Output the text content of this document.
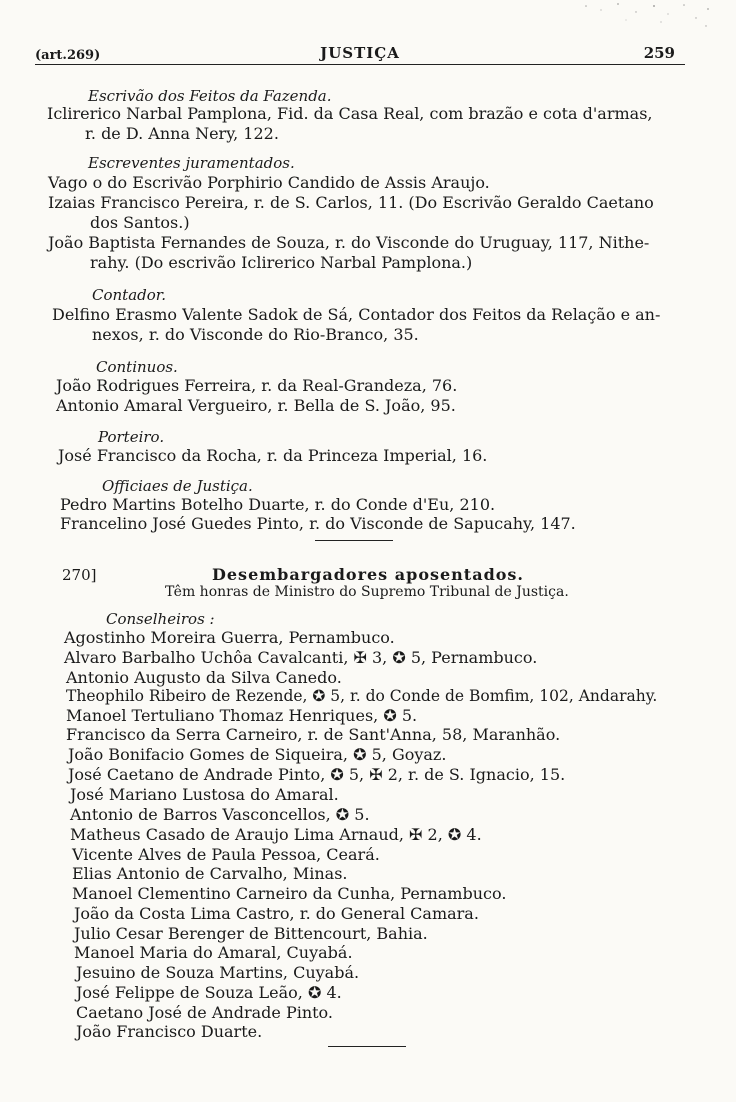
(art.269)	JUSTIÇA	259
Escrivão dos Feitos da Fazenda.
Iclirerico Narbal Pamplona, Fid. da Casa Real, com brazão e cota d'armas,
r. de D. Anna Nery, 122.
Escreventes juramentados.
Vago o do Escrivão Porphirio Candido de Assis Araujo.
Izaias Francisco Pereira, r. de S. Carlos, 11. (Do Escrivão Geraldo Caetano
dos Santos.)
João Baptista Fernandes de Souza, r. do Visconde do Uruguay, 117, Nithe-
rahy. (Do escrivão Iclirerico Narbal Pamplona.)
Contador.
Delfino Erasmo Valente Sadok de Sá, Contador dos Feitos da Relação e an-
nexos, r. do Visconde do Rio-Branco, 35.
Continuos.
João Rodrigues Ferreira, r. da Real-Grandeza, 76.
Antonio Amaral Vergueiro, r. Bella de S. João, 95.
Porteiro.
José Francisco da Rocha, r. da Princeza Imperial, 16.
Officiaes de Justiça.
Pedro Martins Botelho Duarte, r. do Conde d'Eu, 210.
Francelino José Guedes Pinto, r. do Visconde de Sapucahy, 147.
270]	Desembargadores aposentados.
Têm honras de Ministro do Supremo Tribunal de Justiça.
Conselheiros :
Agostinho Moreira Guerra, Pernambuco.
Alvaro Barbalho Uchôa Cavalcanti, ✠ 3, ✪ 5, Pernambuco.
Antonio Augusto da Silva Canedo.
Theophilo Ribeiro de Rezende, ✪ 5, r. do Conde de Bomfim, 102, Andarahy.
Manoel Tertuliano Thomaz Henriques, ✪ 5.
Francisco da Serra Carneiro, r. de Sant'Anna, 58, Maranhão.
João Bonifacio Gomes de Siqueira, ✪ 5, Goyaz.
José Caetano de Andrade Pinto, ✪ 5, ✠ 2, r. de S. Ignacio, 15.
José Mariano Lustosa do Amaral.
Antonio de Barros Vasconcellos, ✪ 5.
Matheus Casado de Araujo Lima Arnaud, ✠ 2, ✪ 4.
Vicente Alves de Paula Pessoa, Ceará.
Elias Antonio de Carvalho, Minas.
Manoel Clementino Carneiro da Cunha, Pernambuco.
João da Costa Lima Castro, r. do General Camara.
Julio Cesar Berenger de Bittencourt, Bahia.
Manoel Maria do Amaral, Cuyabá.
Jesuino de Souza Martins, Cuyabá.
José Felippe de Souza Leão, ✪ 4.
Caetano José de Andrade Pinto.
João Francisco Duarte.
